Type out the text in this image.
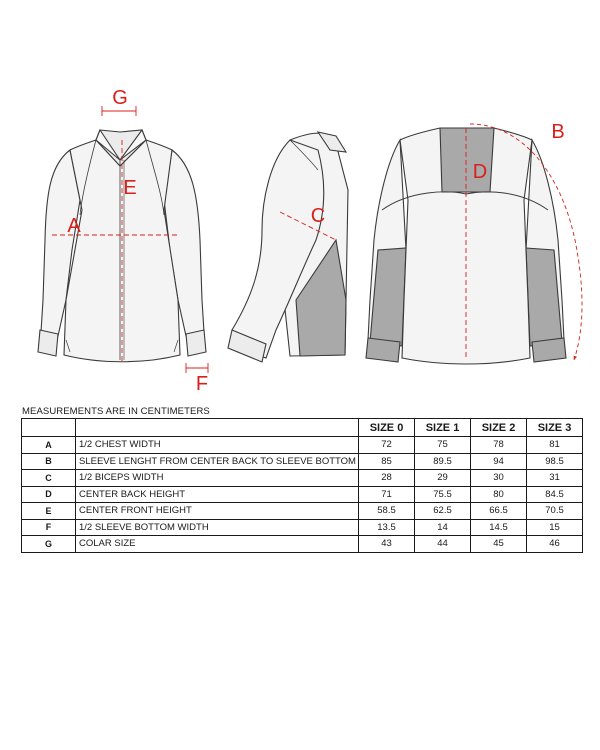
G
E
A	C
D
B
F
MEASUREMENTS ARE IN CENTIMETERS
		SIZE 0	SIZE 1	SIZE 2	SIZE 3
A	1/2 CHEST WIDTH	72	75	78	81
B	SLEEVE LENGHT FROM CENTER BACK TO SLEEVE BOTTOM	85	89.5	94	98.5
C	1/2 BICEPS WIDTH	28	29	30	31
D	CENTER BACK HEIGHT	71	75.5	80	84.5
E	CENTER FRONT HEIGHT	58.5	62.5	66.5	70.5
F	1/2 SLEEVE BOTTOM WIDTH	13.5	14	14.5	15
G	COLAR SIZE	43	44	45	46
